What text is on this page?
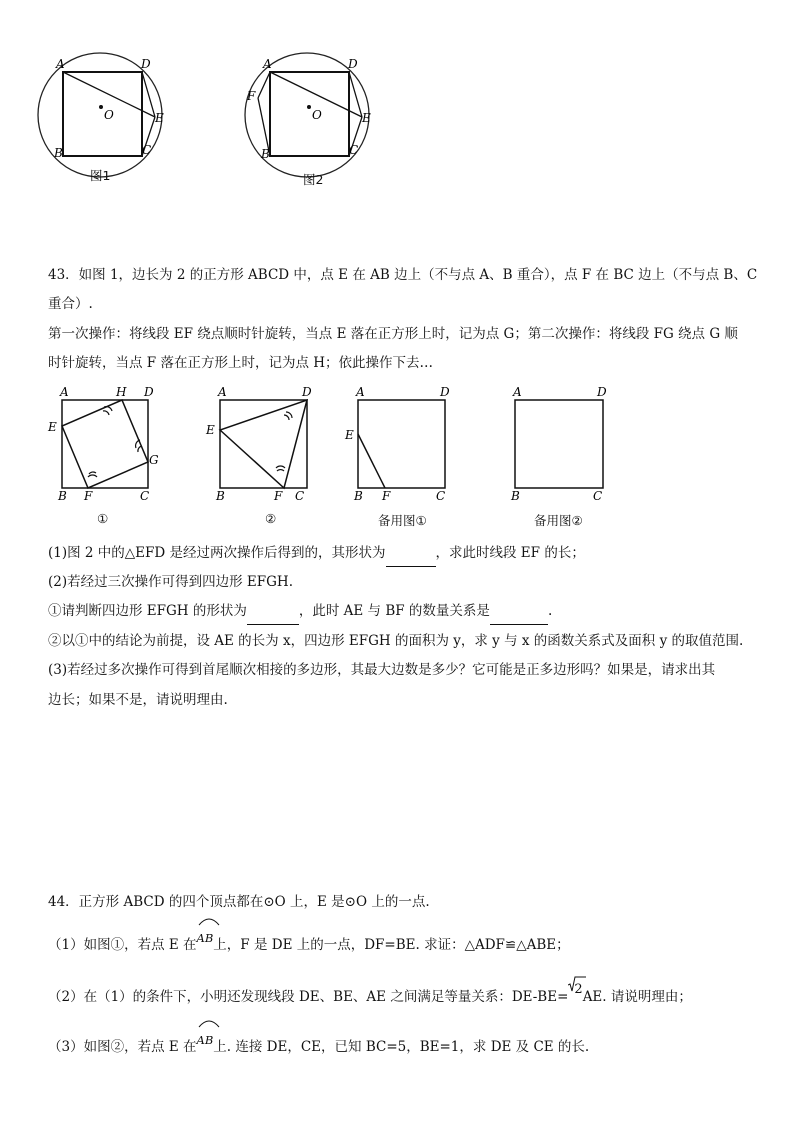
A	D
E
O
B	C
图1
A	D
F
E
O
B	C
图2
43．如图 1，边长为 2 的正方形 ABCD 中，点 E 在 AB 边上（不与点 A、B 重合），点 F 在 BC 边上（不与点 B、C
重合）.
第一次操作：将线段 EF 绕点顺时针旋转，当点 E 落在正方形上时，记为点 G；第二次操作：将线段 FG 绕点 G 顺
时针旋转，当点 F 落在正方形上时，记为点 H；依此操作下去…
A	H D
E
G
B F	C
①
A	D
E
B	F C
②
A	D
E
B F	C
备用图①
A	D
B	C
备用图②
(1)图 2 中的△EFD 是经过两次操作后得到的，其形状为	，求此时线段 EF 的长；
(2)若经过三次操作可得到四边形 EFGH.
①请判断四边形 EFGH 的形状为	，此时 AE 与 BF 的数量关系是	.
②以①中的结论为前提，设 AE 的长为 x，四边形 EFGH 的面积为 y，求 y 与 x 的函数关系式及面积 y 的取值范围.
(3)若经过多次操作可得到首尾顺次相接的多边形，其最大边数是多少？它可能是正多边形吗？如果是，请求出其
边长；如果不是，请说明理由.
44．正方形 ABCD 的四个顶点都在⊙O 上，E 是⊙O 上的一点.
（1）如图①，若点 E 在
AB上，F 是 DE 上的一点，DF=BE. 求证：△ADF≌△ABE；
（2）在（1）的条件下，小明还发现线段 DE、BE、AE 之间满足等量关系：DE-BE= 2AE. 请说明理由；
（3）如图②，若点 E 在
AB上. 连接 DE，CE，已知 BC=5，BE=1，求 DE 及 CE 的长.
